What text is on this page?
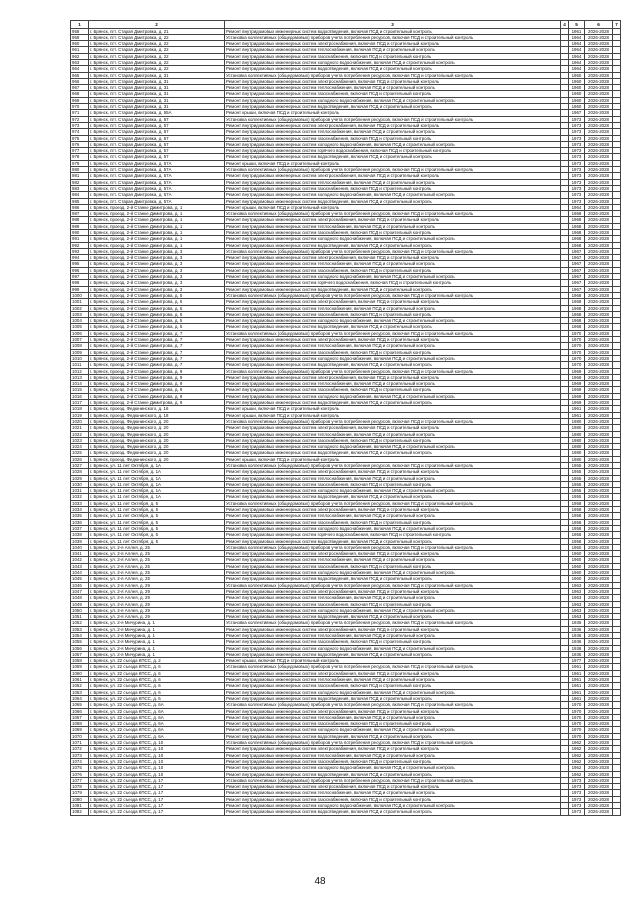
1	2	3	4	5	6	7
958	г. Брянск, пгт. Старая Дмитровка, д. 21	Ремонт внутридомовых инженерных систем водоотведения, включая ПСД и строительный контроль		1961	2026-2028	
959	г. Брянск, пгт. Старая Дмитровка, д. 22	Установка коллективных (общедомовых) приборов учета потребления ресурсов, включая ПСД и строительный контроль		1964	2026-2028	
960	г. Брянск, пгт. Старая Дмитровка, д. 22	Ремонт внутридомовых инженерных систем электроснабжения, включая ПСД и строительный контроль		1964	2026-2028	
961	г. Брянск, пгт. Старая Дмитровка, д. 22	Ремонт внутридомовых инженерных систем теплоснабжения, включая ПСД и строительный контроль		1964	2026-2028	
962	г. Брянск, пгт. Старая Дмитровка, д. 22	Ремонт внутридомовых инженерных систем газоснабжения, включая ПСД и строительный контроль		1964	2026-2028	
963	г. Брянск, пгт. Старая Дмитровка, д. 22	Ремонт внутридомовых инженерных систем холодного водоснабжения, включая ПСД и строительный контроль		1964	2026-2028	
964	г. Брянск, пгт. Старая Дмитровка, д. 22	Ремонт внутридомовых инженерных систем водоотведения, включая ПСД и строительный контроль		1964	2026-2028	
965	г. Брянск, пгт. Старая Дмитровка, д. 31	Установка коллективных (общедомовых) приборов учета потребления ресурсов, включая ПСД и строительный контроль		1960	2026-2028	
966	г. Брянск, пгт. Старая Дмитровка, д. 31	Ремонт внутридомовых инженерных систем электроснабжения, включая ПСД и строительный контроль		1960	2026-2028	
967	г. Брянск, пгт. Старая Дмитровка, д. 31	Ремонт внутридомовых инженерных систем теплоснабжения, включая ПСД и строительный контроль		1960	2026-2028	
968	г. Брянск, пгт. Старая Дмитровка, д. 31	Ремонт внутридомовых инженерных систем газоснабжения, включая ПСД и строительный контроль		1960	2026-2028	
969	г. Брянск, пгт. Старая Дмитровка, д. 31	Ремонт внутридомовых инженерных систем холодного водоснабжения, включая ПСД и строительный контроль		1960	2026-2028	
970	г. Брянск, пгт. Старая Дмитровка, д. 31	Ремонт внутридомовых инженерных систем водоотведения, включая ПСД и строительный контроль		1960	2026-2028	
971	г. Брянск, пгт. Старая Дмитровка, д. 55А	Ремонт крыши, включая ПСД и строительный контроль		1967	2026-2028	
972	г. Брянск, пгт. Старая Дмитровка, д. 57	Установка коллективных (общедомовых) приборов учета потребления ресурсов, включая ПСД и строительный контроль		1973	2026-2028	
973	г. Брянск, пгт. Старая Дмитровка, д. 57	Ремонт внутридомовых инженерных систем электроснабжения, включая ПСД и строительный контроль		1973	2026-2028	
974	г. Брянск, пгт. Старая Дмитровка, д. 57	Ремонт внутридомовых инженерных систем теплоснабжения, включая ПСД и строительный контроль		1973	2026-2028	
975	г. Брянск, пгт. Старая Дмитровка, д. 57	Ремонт внутридомовых инженерных систем газоснабжения, включая ПСД и строительный контроль		1973	2026-2028	
976	г. Брянск, пгт. Старая Дмитровка, д. 57	Ремонт внутридомовых инженерных систем холодного водоснабжения, включая ПСД и строительный контроль		1973	2026-2028	
977	г. Брянск, пгт. Старая Дмитровка, д. 57	Ремонт внутридомовых инженерных систем горячего водоснабжения, включая ПСД и строительный контроль		1973	2026-2028	
978	г. Брянск, пгт. Старая Дмитровка, д. 57	Ремонт внутридомовых инженерных систем водоотведения, включая ПСД и строительный контроль		1973	2026-2028	
979	г. Брянск, пгт. Старая Дмитровка, д. 57А	Ремонт крыши, включая ПСД и строительный контроль		1973	2026-2028	
980	г. Брянск, пгт. Старая Дмитровка, д. 57А	Установка коллективных (общедомовых) приборов учета потребления ресурсов, включая ПСД и строительный контроль		1973	2026-2028	
981	г. Брянск, пгт. Старая Дмитровка, д. 57А	Ремонт внутридомовых инженерных систем электроснабжения, включая ПСД и строительный контроль		1973	2026-2028	
982	г. Брянск, пгт. Старая Дмитровка, д. 57А	Ремонт внутридомовых инженерных систем теплоснабжения, включая ПСД и строительный контроль		1973	2026-2028	
983	г. Брянск, пгт. Старая Дмитровка, д. 57А	Ремонт внутридомовых инженерных систем газоснабжения, включая ПСД и строительный контроль		1973	2026-2028	
984	г. Брянск, пгт. Старая Дмитровка, д. 57А	Ремонт внутридомовых инженерных систем холодного водоснабжения, включая ПСД и строительный контроль		1973	2026-2028	
985	г. Брянск, пгт. Старая Дмитровка, д. 57А	Ремонт внутридомовых инженерных систем водоотведения, включая ПСД и строительный контроль		1973	2026-2028	
986	г. Брянск, проезд. 2-й Станке Димитрова, д. 1	Ремонт крыши, включая ПСД и строительный контроль		1964	2026-2028	
987	г. Брянск, проезд. 2-й Станке Димитрова, д. 1	Установка коллективных (общедомовых) приборов учета потребления ресурсов, включая ПСД и строительный контроль		1968	2026-2028	
988	г. Брянск, проезд. 2-й Станке Димитрова, д. 1	Ремонт внутридомовых инженерных систем электроснабжения, включая ПСД и строительный контроль		1968	2026-2028	
989	г. Брянск, проезд. 2-й Станке Димитрова, д. 1	Ремонт внутридомовых инженерных систем теплоснабжения, включая ПСД и строительный контроль		1968	2026-2028	
990	г. Брянск, проезд. 2-й Станке Димитрова, д. 1	Ремонт внутридомовых инженерных систем газоснабжения, включая ПСД и строительный контроль		1968	2026-2028	
991	г. Брянск, проезд. 2-й Станке Димитрова, д. 1	Ремонт внутридомовых инженерных систем холодного водоснабжения, включая ПСД и строительный контроль		1968	2026-2028	
992	г. Брянск, проезд. 2-й Станке Димитрова, д. 1	Ремонт внутридомовых инженерных систем водоотведения, включая ПСД и строительный контроль		1968	2026-2028	
993	г. Брянск, проезд. 2-й Станке Димитрова, д. 3	Установка коллективных (общедомовых) приборов учета потребления ресурсов, включая ПСД и строительный контроль		1967	2026-2028	
994	г. Брянск, проезд. 2-й Станке Димитрова, д. 3	Ремонт внутридомовых инженерных систем электроснабжения, включая ПСД и строительный контроль		1967	2026-2028	
995	г. Брянск, проезд. 2-й Станке Димитрова, д. 3	Ремонт внутридомовых инженерных систем теплоснабжения, включая ПСД и строительный контроль		1967	2026-2028	
996	г. Брянск, проезд. 2-й Станке Димитрова, д. 3	Ремонт внутридомовых инженерных систем газоснабжения, включая ПСД и строительный контроль		1967	2026-2028	
997	г. Брянск, проезд. 2-й Станке Димитрова, д. 3	Ремонт внутридомовых инженерных систем холодного водоснабжения, включая ПСД и строительный контроль		1967	2026-2028	
998	г. Брянск, проезд. 2-й Станке Димитрова, д. 3	Ремонт внутридомовых инженерных систем горячего водоснабжения, включая ПСД и строительный контроль		1967	2026-2028	
999	г. Брянск, проезд. 2-й Станке Димитрова, д. 3	Ремонт внутридомовых инженерных систем водоотведения, включая ПСД и строительный контроль		1967	2026-2028	
1000	г. Брянск, проезд. 2-й Станке Димитрова, д. 5	Установка коллективных (общедомовых) приборов учета потребления ресурсов, включая ПСД и строительный контроль		1968	2026-2028	
1001	г. Брянск, проезд. 2-й Станке Димитрова, д. 5	Ремонт внутридомовых инженерных систем электроснабжения, включая ПСД и строительный контроль		1968	2026-2028	
1002	г. Брянск, проезд. 2-й Станке Димитрова, д. 5	Ремонт внутридомовых инженерных систем теплоснабжения, включая ПСД и строительный контроль		1968	2026-2028	
1003	г. Брянск, проезд. 2-й Станке Димитрова, д. 5	Ремонт внутридомовых инженерных систем газоснабжения, включая ПСД и строительный контроль		1968	2026-2028	
1004	г. Брянск, проезд. 2-й Станке Димитрова, д. 5	Ремонт внутридомовых инженерных систем холодного водоснабжения, включая ПСД и строительный контроль		1968	2026-2028	
1005	г. Брянск, проезд. 2-й Станке Димитрова, д. 5	Ремонт внутридомовых инженерных систем водоотведения, включая ПСД и строительный контроль		1968	2026-2028	
1006	г. Брянск, проезд. 2-й Станке Димитрова, д. 7	Установка коллективных (общедомовых) приборов учета потребления ресурсов, включая ПСД и строительный контроль		1970	2026-2028	
1007	г. Брянск, проезд. 2-й Станке Димитрова, д. 7	Ремонт внутридомовых инженерных систем электроснабжения, включая ПСД и строительный контроль		1970	2026-2028	
1008	г. Брянск, проезд. 2-й Станке Димитрова, д. 7	Ремонт внутридомовых инженерных систем теплоснабжения, включая ПСД и строительный контроль		1970	2026-2028	
1009	г. Брянск, проезд. 2-й Станке Димитрова, д. 7	Ремонт внутридомовых инженерных систем газоснабжения, включая ПСД и строительный контроль		1970	2026-2028	
1010	г. Брянск, проезд. 2-й Станке Димитрова, д. 7	Ремонт внутридомовых инженерных систем холодного водоснабжения, включая ПСД и строительный контроль		1970	2026-2028	
1011	г. Брянск, проезд. 2-й Станке Димитрова, д. 7	Ремонт внутридомовых инженерных систем водоотведения, включая ПСД и строительный контроль		1970	2026-2028	
1012	г. Брянск, проезд. 2-й Станке Димитрова, д. 9	Установка коллективных (общедомовых) приборов учета потребления ресурсов, включая ПСД и строительный контроль		1969	2026-2028	
1013	г. Брянск, проезд. 2-й Станке Димитрова, д. 9	Ремонт внутридомовых инженерных систем электроснабжения, включая ПСД и строительный контроль		1969	2026-2028	
1014	г. Брянск, проезд. 2-й Станке Димитрова, д. 9	Ремонт внутридомовых инженерных систем теплоснабжения, включая ПСД и строительный контроль		1969	2026-2028	
1015	г. Брянск, проезд. 2-й Станке Димитрова, д. 9	Ремонт внутридомовых инженерных систем газоснабжения, включая ПСД и строительный контроль		1969	2026-2028	
1016	г. Брянск, проезд. 2-й Станке Димитрова, д. 9	Ремонт внутридомовых инженерных систем холодного водоснабжения, включая ПСД и строительный контроль		1969	2026-2028	
1017	г. Брянск, проезд. 2-й Станке Димитрова, д. 9	Ремонт внутридомовых инженерных систем водоотведения, включая ПСД и строительный контроль		1969	2026-2028	
1018	г. Брянск, проезд. Федюнинского, д. 16	Ремонт крыши, включая ПСД и строительный контроль		1961	2026-2028	
1019	г. Брянск, проезд. Федюнинского, д. 18	Ремонт крыши, включая ПСД и строительный контроль		1961	2026-2028	
1020	г. Брянск, проезд. Федюнинского, д. 20	Установка коллективных (общедомовых) приборов учета потребления ресурсов, включая ПСД и строительный контроль		1980	2026-2028	
1021	г. Брянск, проезд. Федюнинского, д. 20	Ремонт внутридомовых инженерных систем электроснабжения, включая ПСД и строительный контроль		1980	2026-2028	
1022	г. Брянск, проезд. Федюнинского, д. 20	Ремонт внутридомовых инженерных систем теплоснабжения, включая ПСД и строительный контроль		1980	2026-2028	
1023	г. Брянск, проезд. Федюнинского, д. 20	Ремонт внутридомовых инженерных систем газоснабжения, включая ПСД и строительный контроль		1980	2026-2028	
1024	г. Брянск, проезд. Федюнинского, д. 20	Ремонт внутридомовых инженерных систем холодного водоснабжения, включая ПСД и строительный контроль		1980	2026-2028	
1025	г. Брянск, проезд. Федюнинского, д. 20	Ремонт внутридомовых инженерных систем водоотведения, включая ПСД и строительный контроль		1980	2026-2028	
1026	г. Брянск, проезд. Федюнинского, д. 20	Ремонт крыши, включая ПСД и строительный контроль		1980	2026-2028	
1027	г. Брянск, ул. 11 лет Октября, д. 1А	Установка коллективных (общедомовых) приборов учета потребления ресурсов, включая ПСД и строительный контроль		1955	2026-2028	
1028	г. Брянск, ул. 11 лет Октября, д. 1А	Ремонт внутридомовых инженерных систем электроснабжения, включая ПСД и строительный контроль		1955	2026-2028	
1029	г. Брянск, ул. 11 лет Октября, д. 1А	Ремонт внутридомовых инженерных систем теплоснабжения, включая ПСД и строительный контроль		1955	2026-2028	
1030	г. Брянск, ул. 11 лет Октября, д. 1А	Ремонт внутридомовых инженерных систем газоснабжения, включая ПСД и строительный контроль		1955	2026-2028	
1031	г. Брянск, ул. 11 лет Октября, д. 1А	Ремонт внутридомовых инженерных систем холодного водоснабжения, включая ПСД и строительный контроль		1955	2026-2028	
1032	г. Брянск, ул. 11 лет Октября, д. 1А	Ремонт внутридомовых инженерных систем водоотведения, включая ПСД и строительный контроль		1955	2026-2028	
1033	г. Брянск, ул. 11 лет Октября, д. 5	Установка коллективных (общедомовых) приборов учета потребления ресурсов, включая ПСД и строительный контроль		1958	2026-2028	
1034	г. Брянск, ул. 11 лет Октября, д. 5	Ремонт внутридомовых инженерных систем электроснабжения, включая ПСД и строительный контроль		1958	2026-2028	
1035	г. Брянск, ул. 11 лет Октября, д. 5	Ремонт внутридомовых инженерных систем теплоснабжения, включая ПСД и строительный контроль		1958	2026-2028	
1036	г. Брянск, ул. 11 лет Октября, д. 5	Ремонт внутридомовых инженерных систем газоснабжения, включая ПСД и строительный контроль		1958	2026-2028	
1037	г. Брянск, ул. 11 лет Октября, д. 5	Ремонт внутридомовых инженерных систем холодного водоснабжения, включая ПСД и строительный контроль		1958	2026-2028	
1038	г. Брянск, ул. 11 лет Октября, д. 5	Ремонт внутридомовых инженерных систем горячего водоснабжения, включая ПСД и строительный контроль		1958	2026-2028	
1039	г. Брянск, ул. 11 лет Октября, д. 5	Ремонт внутридомовых инженерных систем водоотведения, включая ПСД и строительный контроль		1958	2026-2028	
1040	г. Брянск, ул. 2-я Аллея, д. 25	Установка коллективных (общедомовых) приборов учета потребления ресурсов, включая ПСД и строительный контроль		1960	2026-2028	
1041	г. Брянск, ул. 2-я Аллея, д. 25	Ремонт внутридомовых инженерных систем электроснабжения, включая ПСД и строительный контроль		1960	2026-2028	
1042	г. Брянск, ул. 2-я Аллея, д. 25	Ремонт внутридомовых инженерных систем теплоснабжения, включая ПСД и строительный контроль		1960	2026-2028	
1043	г. Брянск, ул. 2-я Аллея, д. 25	Ремонт внутридомовых инженерных систем газоснабжения, включая ПСД и строительный контроль		1960	2026-2028	
1044	г. Брянск, ул. 2-я Аллея, д. 25	Ремонт внутридомовых инженерных систем холодного водоснабжения, включая ПСД и строительный контроль		1960	2026-2028	
1045	г. Брянск, ул. 2-я Аллея, д. 25	Ремонт внутридомовых инженерных систем водоотведения, включая ПСД и строительный контроль		1960	2026-2028	
1046	г. Брянск, ул. 2-я Аллея, д. 29	Установка коллективных (общедомовых) приборов учета потребления ресурсов, включая ПСД и строительный контроль		1963	2026-2028	
1047	г. Брянск, ул. 2-я Аллея, д. 29	Ремонт внутридомовых инженерных систем электроснабжения, включая ПСД и строительный контроль		1963	2026-2028	
1048	г. Брянск, ул. 2-я Аллея, д. 29	Ремонт внутридомовых инженерных систем теплоснабжения, включая ПСД и строительный контроль		1963	2026-2028	
1049	г. Брянск, ул. 2-я Аллея, д. 29	Ремонт внутридомовых инженерных систем газоснабжения, включая ПСД и строительный контроль		1963	2026-2028	
1050	г. Брянск, ул. 2-я Аллея, д. 29	Ремонт внутридомовых инженерных систем холодного водоснабжения, включая ПСД и строительный контроль		1963	2026-2028	
1051	г. Брянск, ул. 2-я Аллея, д. 29	Ремонт внутридомовых инженерных систем водоотведения, включая ПСД и строительный контроль		1963	2026-2028	
1052	г. Брянск, ул. 2-я Мичурина, д. 1	Установка коллективных (общедомовых) приборов учета потребления ресурсов, включая ПСД и строительный контроль		1936	2026-2028	
1053	г. Брянск, ул. 2-я Мичурина, д. 1	Ремонт внутридомовых инженерных систем электроснабжения, включая ПСД и строительный контроль		1936	2026-2028	
1054	г. Брянск, ул. 2-я Мичурина, д. 1	Ремонт внутридомовых инженерных систем теплоснабжения, включая ПСД и строительный контроль		1936	2026-2028	
1055	г. Брянск, ул. 2-я Мичурина, д. 1	Ремонт внутридомовых инженерных систем газоснабжения, включая ПСД и строительный контроль		1936	2026-2028	
1056	г. Брянск, ул. 2-я Мичурина, д. 1	Ремонт внутридомовых инженерных систем холодного водоснабжения, включая ПСД и строительный контроль		1936	2026-2028	
1057	г. Брянск, ул. 2-я Мичурина, д. 1	Ремонт внутридомовых инженерных систем водоотведения, включая ПСД и строительный контроль		1936	2026-2028	
1058	г. Брянск, ул. 22 съезда КПСС, д. 2	Ремонт крыши, включая ПСД и строительный контроль		1977	2026-2028	
1059	г. Брянск, ул. 22 съезда КПСС, д. 6	Установка коллективных (общедомовых) приборов учета потребления ресурсов, включая ПСД и строительный контроль		1961	2026-2028	
1060	г. Брянск, ул. 22 съезда КПСС, д. 6	Ремонт внутридомовых инженерных систем электроснабжения, включая ПСД и строительный контроль		1961	2026-2028	
1061	г. Брянск, ул. 22 съезда КПСС, д. 6	Ремонт внутридомовых инженерных систем теплоснабжения, включая ПСД и строительный контроль		1961	2026-2028	
1062	г. Брянск, ул. 22 съезда КПСС, д. 6	Ремонт внутридомовых инженерных систем газоснабжения, включая ПСД и строительный контроль		1961	2026-2028	
1063	г. Брянск, ул. 22 съезда КПСС, д. 6	Ремонт внутридомовых инженерных систем холодного водоснабжения, включая ПСД и строительный контроль		1961	2026-2028	
1064	г. Брянск, ул. 22 съезда КПСС, д. 6	Ремонт внутридомовых инженерных систем водоотведения, включая ПСД и строительный контроль		1961	2026-2028	
1065	г. Брянск, ул. 22 съезда КПСС, д. 6А	Установка коллективных (общедомовых) приборов учета потребления ресурсов, включая ПСД и строительный контроль		1970	2026-2028	
1066	г. Брянск, ул. 22 съезда КПСС, д. 6А	Ремонт внутридомовых инженерных систем электроснабжения, включая ПСД и строительный контроль		1970	2026-2028	
1067	г. Брянск, ул. 22 съезда КПСС, д. 6А	Ремонт внутридомовых инженерных систем теплоснабжения, включая ПСД и строительный контроль		1970	2026-2028	
1068	г. Брянск, ул. 22 съезда КПСС, д. 6А	Ремонт внутридомовых инженерных систем газоснабжения, включая ПСД и строительный контроль		1970	2026-2028	
1069	г. Брянск, ул. 22 съезда КПСС, д. 6А	Ремонт внутридомовых инженерных систем холодного водоснабжения, включая ПСД и строительный контроль		1970	2026-2028	
1070	г. Брянск, ул. 22 съезда КПСС, д. 6А	Ремонт внутридомовых инженерных систем водоотведения, включая ПСД и строительный контроль		1970	2026-2028	
1071	г. Брянск, ул. 22 съезда КПСС, д. 10	Установка коллективных (общедомовых) приборов учета потребления ресурсов, включая ПСД и строительный контроль		1962	2026-2028	
1072	г. Брянск, ул. 22 съезда КПСС, д. 10	Ремонт внутридомовых инженерных систем электроснабжения, включая ПСД и строительный контроль		1962	2026-2028	
1073	г. Брянск, ул. 22 съезда КПСС, д. 10	Ремонт внутридомовых инженерных систем теплоснабжения, включая ПСД и строительный контроль		1962	2026-2028	
1074	г. Брянск, ул. 22 съезда КПСС, д. 10	Ремонт внутридомовых инженерных систем газоснабжения, включая ПСД и строительный контроль		1962	2026-2028	
1075	г. Брянск, ул. 22 съезда КПСС, д. 10	Ремонт внутридомовых инженерных систем холодного водоснабжения, включая ПСД и строительный контроль		1962	2026-2028	
1076	г. Брянск, ул. 22 съезда КПСС, д. 10	Ремонт внутридомовых инженерных систем водоотведения, включая ПСД и строительный контроль		1962	2026-2028	
1077	г. Брянск, ул. 22 съезда КПСС, д. 17	Установка коллективных (общедомовых) приборов учета потребления ресурсов, включая ПСД и строительный контроль		1973	2026-2028	
1078	г. Брянск, ул. 22 съезда КПСС, д. 17	Ремонт внутридомовых инженерных систем электроснабжения, включая ПСД и строительный контроль		1973	2026-2028	
1079	г. Брянск, ул. 22 съезда КПСС, д. 17	Ремонт внутридомовых инженерных систем теплоснабжения, включая ПСД и строительный контроль		1973	2026-2028	
1080	г. Брянск, ул. 22 съезда КПСС, д. 17	Ремонт внутридомовых инженерных систем газоснабжения, включая ПСД и строительный контроль		1973	2026-2028	
1081	г. Брянск, ул. 22 съезда КПСС, д. 17	Ремонт внутридомовых инженерных систем холодного водоснабжения, включая ПСД и строительный контроль		1973	2026-2028	
1082	г. Брянск, ул. 22 съезда КПСС, д. 17	Ремонт внутридомовых инженерных систем водоотведения, включая ПСД и строительный контроль		1973	2026-2028	
48
